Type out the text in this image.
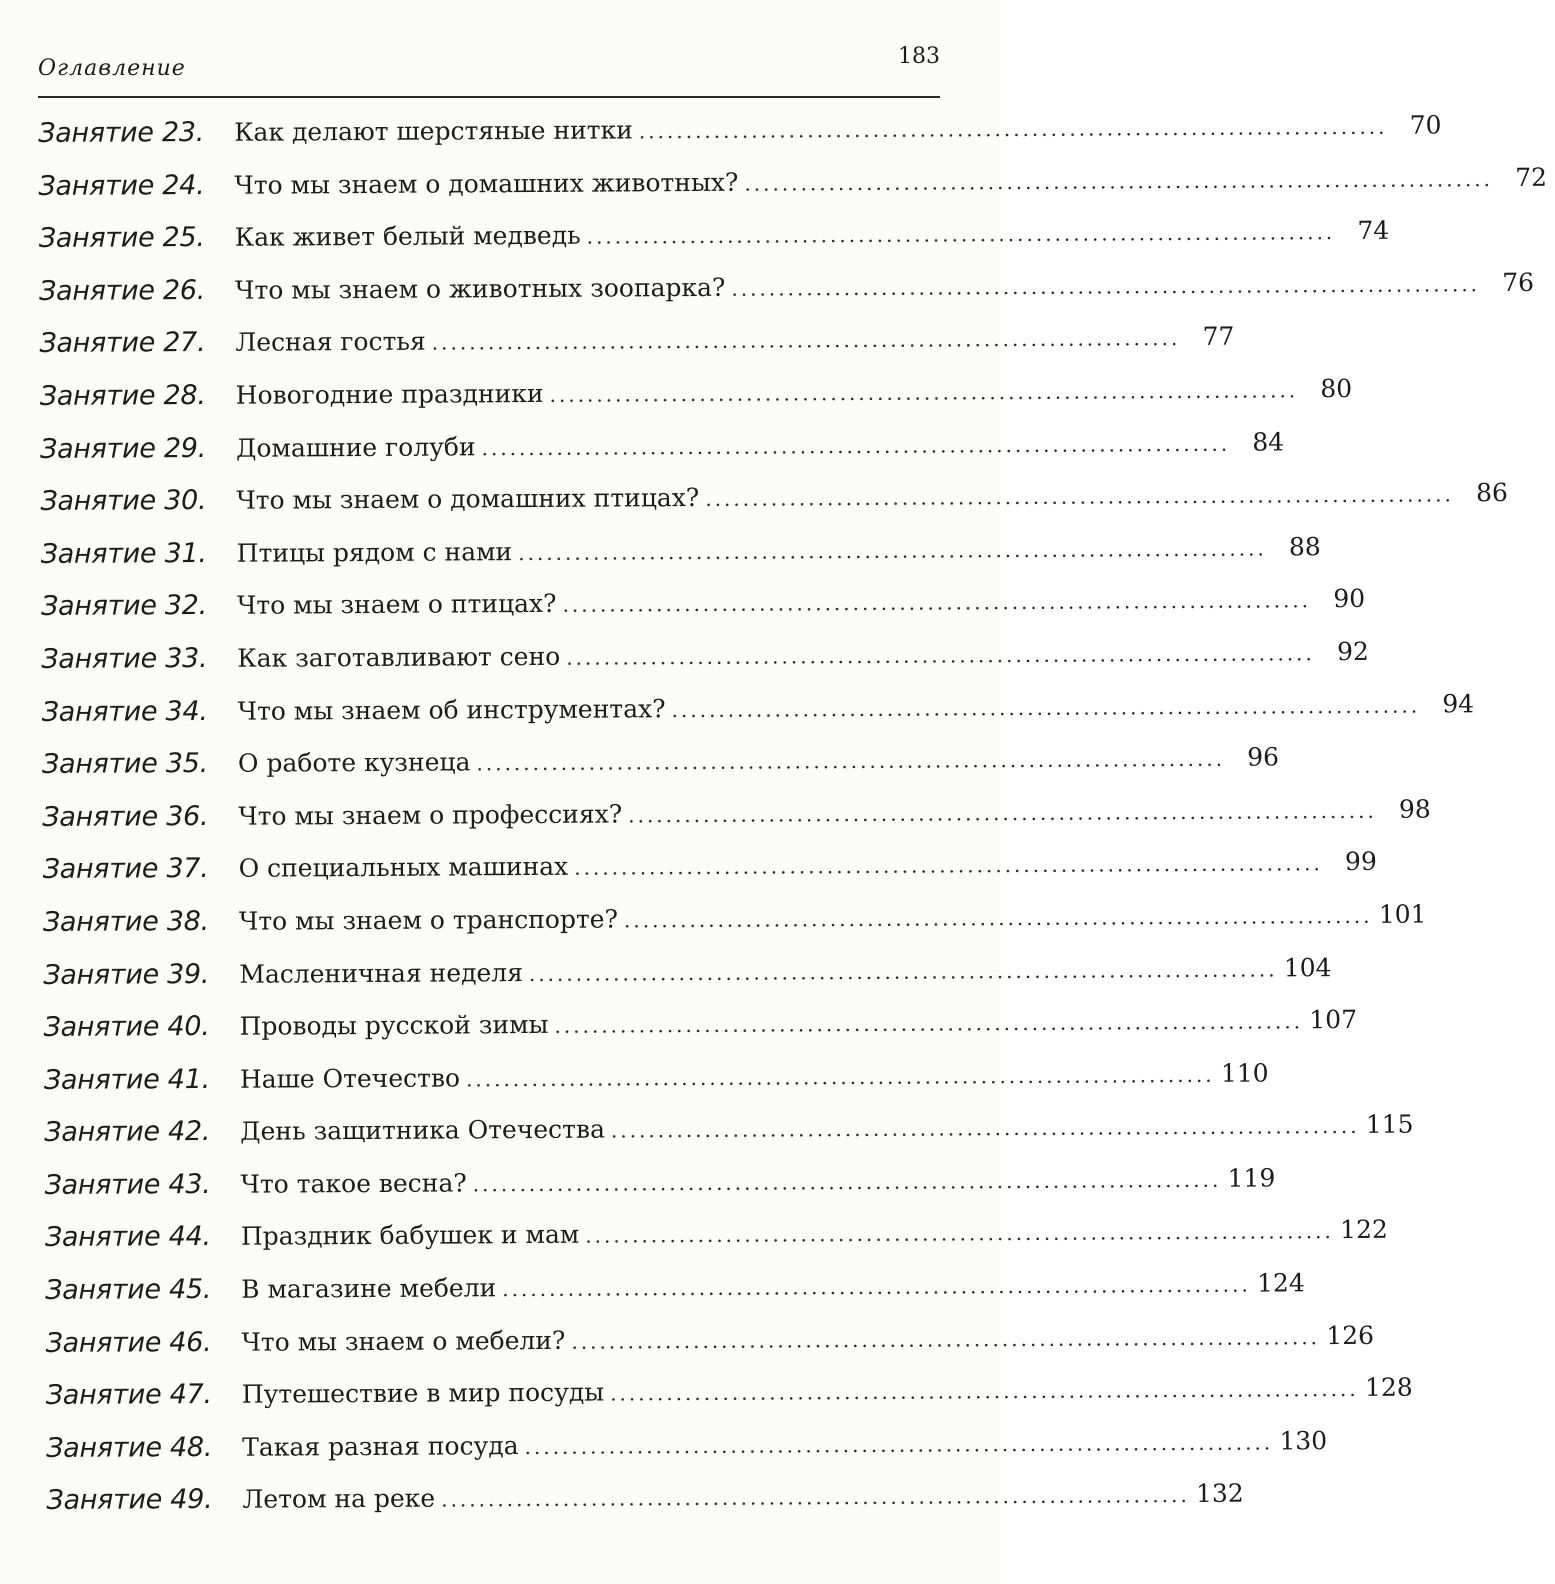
Оглавление	183
Занятие 23.	Как делают шерстяные нитки ................................................................................ 70
Занятие 24.	Что мы знаем о домашних животных? ................................................................................ 72
Занятие 25.	Как живет белый медведь ................................................................................ 74
Занятие 26.	Что мы знаем о животных зоопарка? ................................................................................ 76
Занятие 27.	Лесная гостья ................................................................................ 77
Занятие 28.	Новогодние праздники ................................................................................ 80
Занятие 29.	Домашние голуби ................................................................................ 84
Занятие 30.	Что мы знаем о домашних птицах? ................................................................................ 86
Занятие 31.	Птицы рядом с нами ................................................................................ 88
Занятие 32.	Что мы знаем о птицах? ................................................................................ 90
Занятие 33.	Как заготавливают сено ................................................................................ 92
Занятие 34.	Что мы знаем об инструментах? ................................................................................ 94
Занятие 35.	О работе кузнеца ................................................................................ 96
Занятие 36.	Что мы знаем о профессиях? ................................................................................ 98
Занятие 37.	О специальных машинах ................................................................................ 99
Занятие 38.	Что мы знаем о транспорте? ................................................................................ 101
Занятие 39.	Масленичная неделя ................................................................................ 104
Занятие 40.	Проводы русской зимы ................................................................................ 107
Занятие 41.	Наше Отечество ................................................................................ 110
Занятие 42.	День защитника Отечества ................................................................................ 115
Занятие 43.	Что такое весна? ................................................................................ 119
Занятие 44.	Праздник бабушек и мам ................................................................................ 122
Занятие 45.	В магазине мебели ................................................................................ 124
Занятие 46.	Что мы знаем о мебели? ................................................................................ 126
Занятие 47.	Путешествие в мир посуды ................................................................................ 128
Занятие 48.	Такая разная посуда ................................................................................ 130
Занятие 49.	Летом на реке ................................................................................ 132
